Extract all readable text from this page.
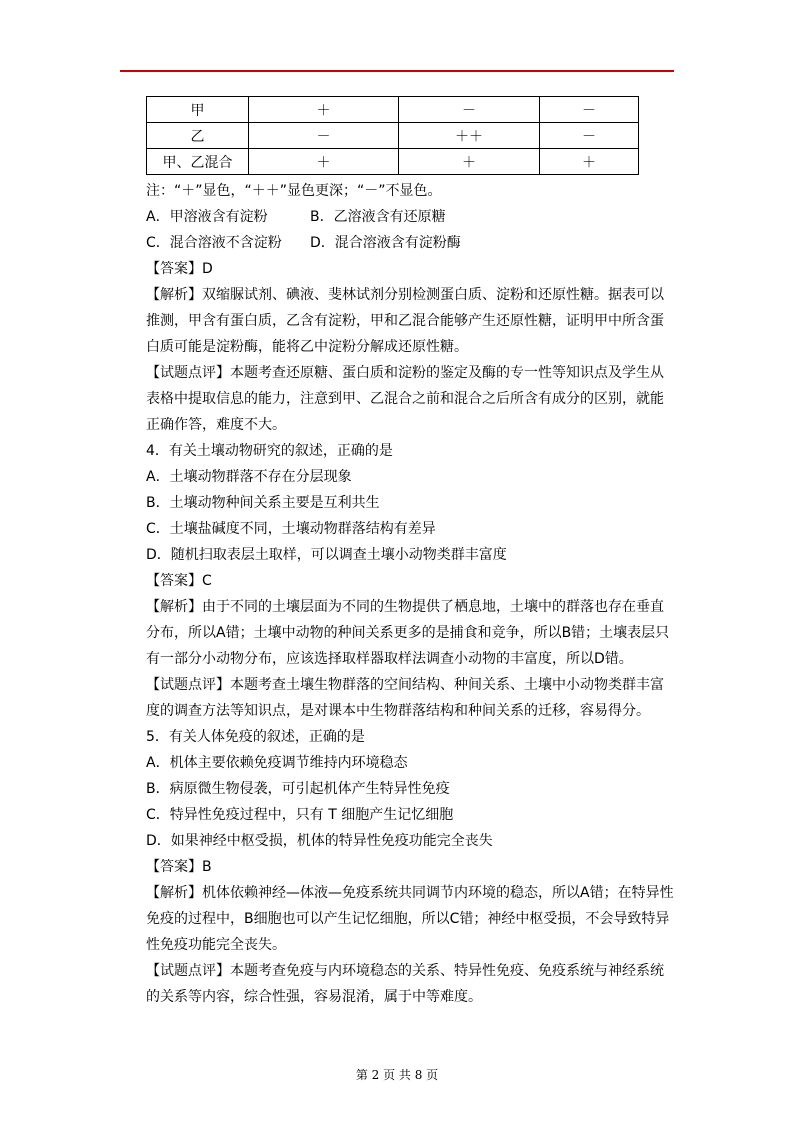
甲	＋	－	－
乙	－	＋＋	－
甲、乙混合	＋	＋	＋

注：“＋”显色，“＋＋”显色更深；“－”不显色。

A．甲溶液含有淀粉	B．乙溶液含有还原糖
C．混合溶液不含淀粉	D．混合溶液含有淀粉酶

【答案】D

【解析】双缩脲试剂、碘液、斐林试剂分别检测蛋白质、淀粉和还原性糖。据表可以推测，甲含有蛋白质，乙含有淀粉，甲和乙混合能够产生还原性糖，证明甲中所含蛋白质可能是淀粉酶，能将乙中淀粉分解成还原性糖。

【试题点评】本题考查还原糖、蛋白质和淀粉的鉴定及酶的专一性等知识点及学生从表格中提取信息的能力，注意到甲、乙混合之前和混合之后所含有成分的区别，就能正确作答，难度不大。

4．有关土壤动物研究的叙述，正确的是

A．土壤动物群落不存在分层现象

B．土壤动物种间关系主要是互利共生

C．土壤盐碱度不同，土壤动物群落结构有差异

D．随机扫取表层土取样，可以调查土壤小动物类群丰富度

【答案】C

【解析】由于不同的土壤层面为不同的生物提供了栖息地，土壤中的群落也存在垂直分布，所以A错；土壤中动物的种间关系更多的是捕食和竞争，所以B错；土壤表层只有一部分小动物分布，应该选择取样器取样法调查小动物的丰富度，所以D错。

【试题点评】本题考查土壤生物群落的空间结构、种间关系、土壤中小动物类群丰富度的调查方法等知识点，是对课本中生物群落结构和种间关系的迁移，容易得分。

5．有关人体免疫的叙述，正确的是

A．机体主要依赖免疫调节维持内环境稳态

B．病原微生物侵袭，可引起机体产生特异性免疫

C．特异性免疫过程中，只有 T 细胞产生记忆细胞

D．如果神经中枢受损，机体的特异性免疫功能完全丧失

【答案】B

【解析】机体依赖神经—体液—免疫系统共同调节内环境的稳态，所以A错；在特异性免疫的过程中，B细胞也可以产生记忆细胞，所以C错；神经中枢受损，不会导致特异性免疫功能完全丧失。

【试题点评】本题考查免疫与内环境稳态的关系、特异性免疫、免疫系统与神经系统的关系等内容，综合性强，容易混淆，属于中等难度。

第 2 页 共 8 页
